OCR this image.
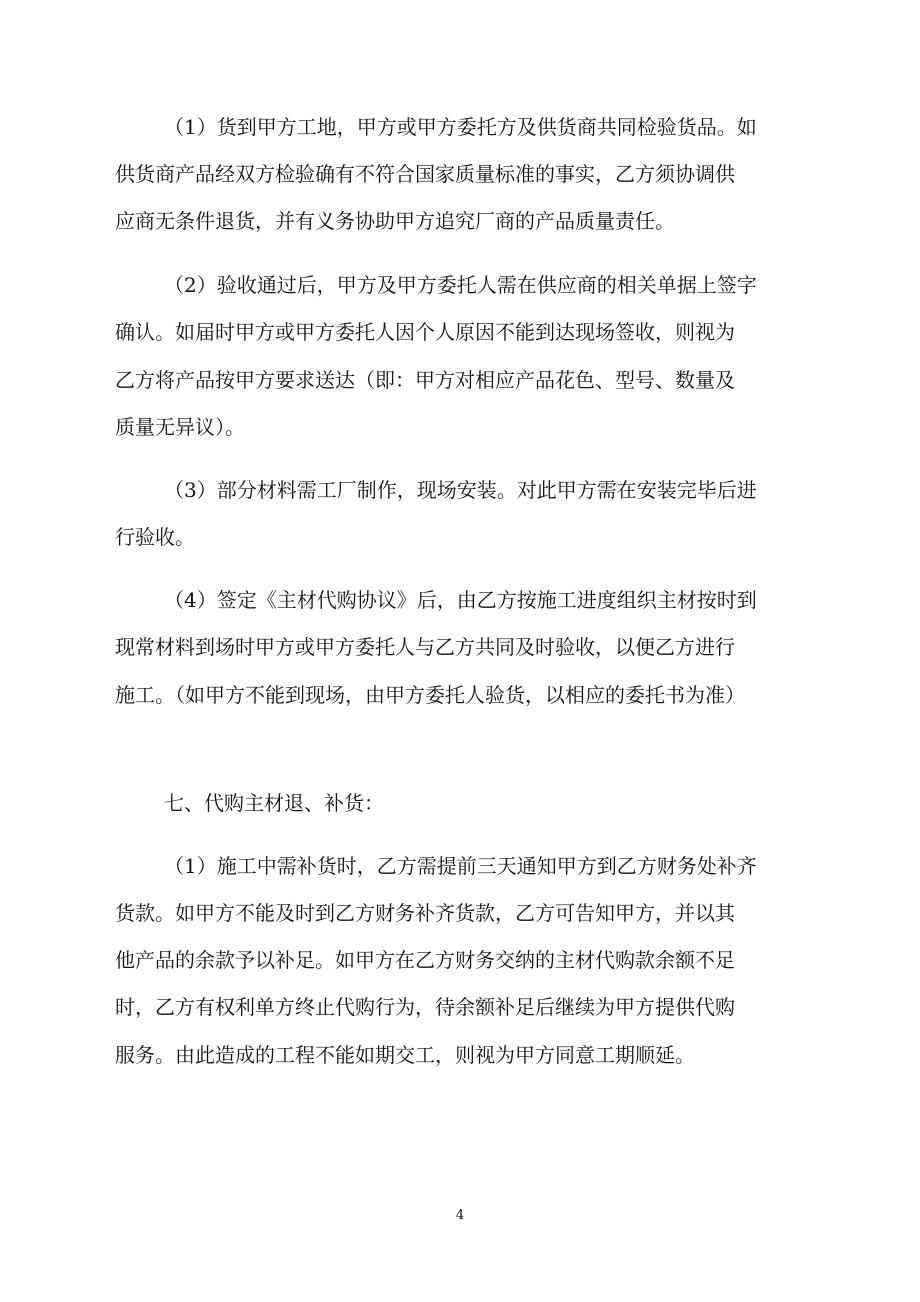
（1）货到甲方工地，甲方或甲方委托方及供货商共同检验货品。如
供货商产品经双方检验确有不符合国家质量标准的事实，乙方须协调供
应商无条件退货，并有义务协助甲方追究厂商的产品质量责任。
（2）验收通过后，甲方及甲方委托人需在供应商的相关单据上签字
确认。如届时甲方或甲方委托人因个人原因不能到达现场签收，则视为
乙方将产品按甲方要求送达（即：甲方对相应产品花色、型号、数量及
质量无异议）。
（3）部分材料需工厂制作，现场安装。对此甲方需在安装完毕后进
行验收。
（4）签定《主材代购协议》后，由乙方按施工进度组织主材按时到
现常材料到场时甲方或甲方委托人与乙方共同及时验收，以便乙方进行
施工。（如甲方不能到现场，由甲方委托人验货，以相应的委托书为准）
七、代购主材退、补货：
（1）施工中需补货时，乙方需提前三天通知甲方到乙方财务处补齐
货款。如甲方不能及时到乙方财务补齐货款，乙方可告知甲方，并以其
他产品的余款予以补足。如甲方在乙方财务交纳的主材代购款余额不足
时，乙方有权利单方终止代购行为，待余额补足后继续为甲方提供代购
服务。由此造成的工程不能如期交工，则视为甲方同意工期顺延。
4
